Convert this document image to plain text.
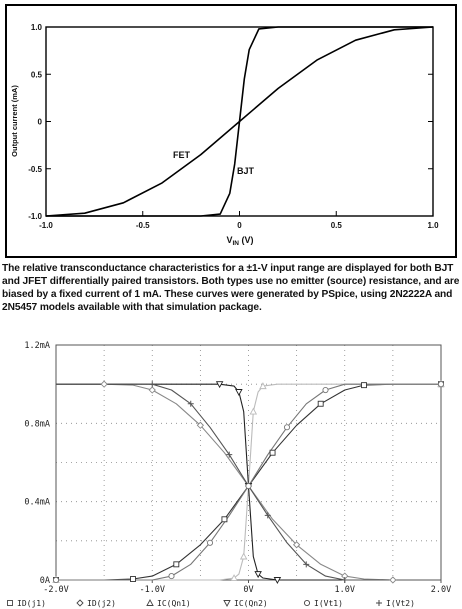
1.0
0.5
0
-0.5
-1.0
-1.0	-0.5	0	0.5	1.0
Output current (mA)
$V_{IN}$ (V)
FET
BJT

The relative transconductance characteristics for a ±1-V input range are displayed for both BJT and JFET differentially paired transistors. Both types use no emitter (source) resistance, and are biased by a fixed current of 1 mA. These curves were generated by PSpice, using 2N2222A and 2N5457 models available with that simulation package.

1.2mA
0.8mA
0.4mA
0A
-2.0V	-1.0V	0V	1.0V	2.0V
ID(j1)	ID(j2)	IC(Qn1)	IC(Qn2)	I(Vt1)	I(Vt2)
